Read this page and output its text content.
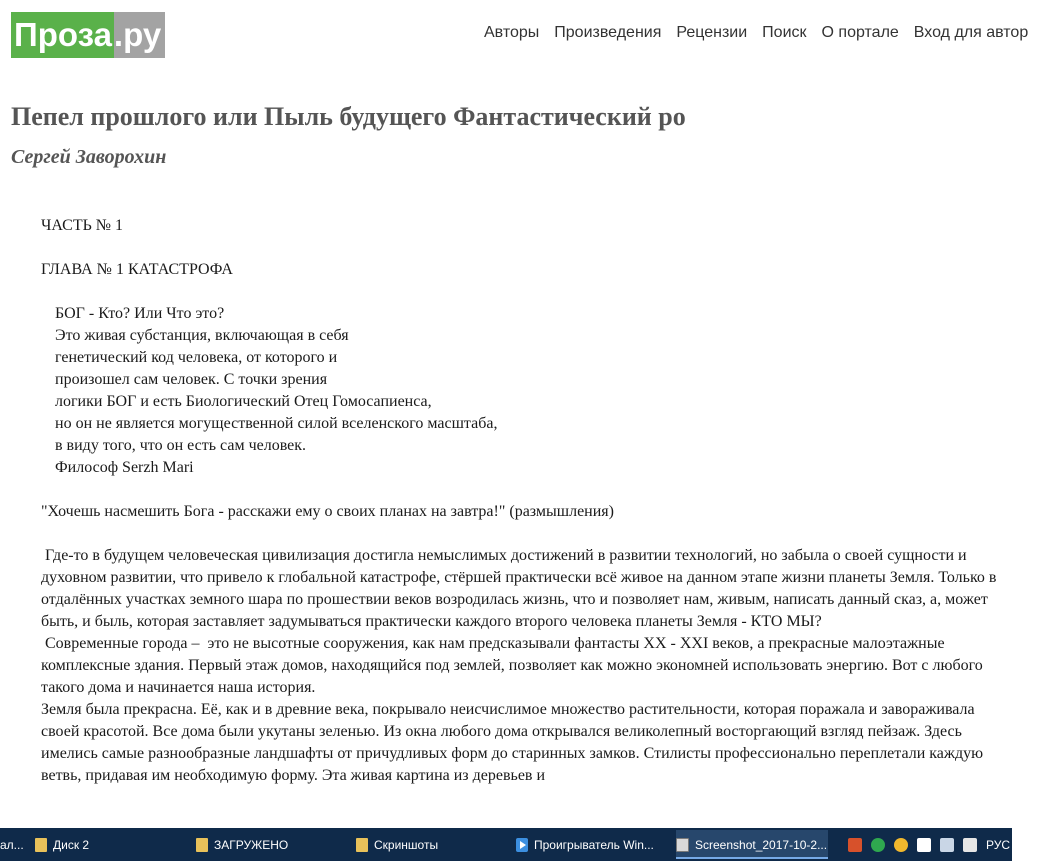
Проза .ру	Авторы Произведения Рецензии Поиск О портале Вход для автор
Пепел прошлого или Пыль будущего Фантастический ро
Сергей Заворохин

ЧАСТЬ № 1

ГЛАВА № 1 КАТАСТРОФА

БОГ - Кто? Или Что это?

Это живая субстанция, включающая в себя

генетический код человека, от которого и

произошел сам человек. С точки зрения

логики БОГ и есть Биологический Отец Гомосапиенса,

но он не является могущественной силой вселенского масштаба,

в виду того, что он есть сам человек.

Философ Serzh Mari

"Хочешь насмешить Бога - расскажи ему о своих планах на завтра!" (размышления)

Где-то в будущем человеческая цивилизация достигла немыслимых достижений в развитии технологий, но забыла о своей сущности и духовном развитии, что привело к глобальной катастрофе, стёршей практически всё живое на данном этапе жизни планеты Земля. Только в отдалённых участках земного шара по прошествии веков возродилась жизнь, что и позволяет нам, живым, написать данный сказ, а, может быть, и быль, которая заставляет задумываться практически каждого второго человека планеты Земля - КТО МЫ?

Современные города –  это не высотные сооружения, как нам предсказывали фантасты XX - XXI веков, а прекрасные малоэтажные комплексные здания. Первый этаж домов, находящийся под землей, позволяет как можно экономней использовать энергию. Вот с любого такого дома и начинается наша история.

Земля была прекрасна. Её, как и в древние века, покрывало неисчислимое множество растительности, которая поражала и завораживала своей красотой. Все дома были укутаны зеленью. Из окна любого дома открывался великолепный восторгающий взгляд пейзаж. Здесь имелись самые разнообразные ландшафты от причудливых форм до старинных замков. Стилисты профессионально переплетали каждую ветвь, придавая им необходимую форму. Эта живая картина из деревьев и

ал... Диск 2	ЗАГРУЖЕНО	Скриншоты	Проигрыватель Win...	Screenshot_2017-10-2...	РУС
